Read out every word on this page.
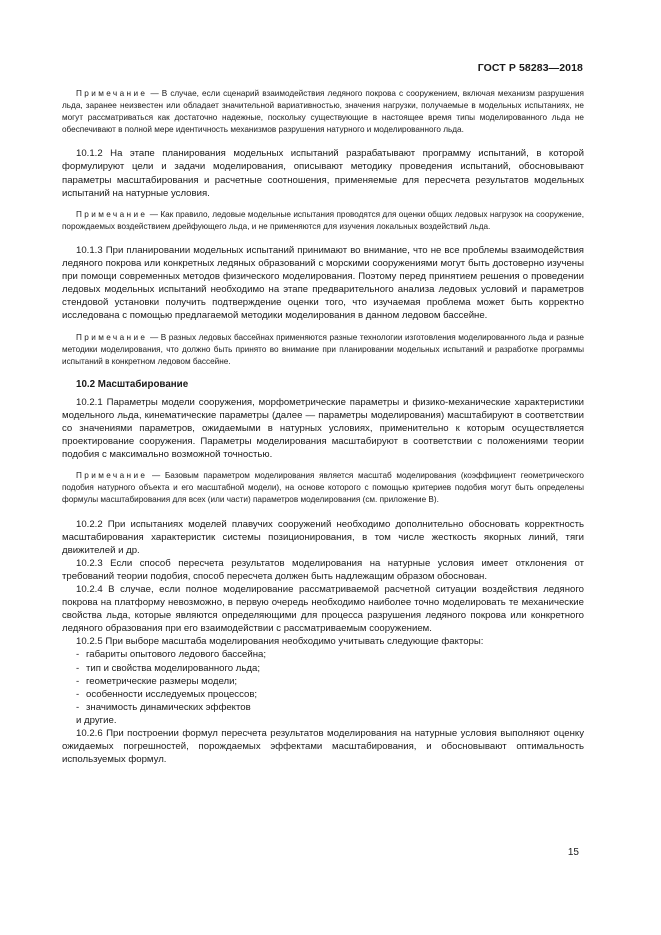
ГОСТ Р 58283—2018

Примечание — В случае, если сценарий взаимодействия ледяного покрова с сооружением, включая механизм разрушения льда, заранее неизвестен или обладает значительной вариативностью, значения нагрузки, получаемые в модельных испытаниях, не могут рассматриваться как достаточно надежные, поскольку существующие в настоящее время типы моделированного льда не обеспечивают в полной мере идентичность механизмов разрушения натурного и моделированного льда.

10.1.2 На этапе планирования модельных испытаний разрабатывают программу испытаний, в которой формулируют цели и задачи моделирования, описывают методику проведения испытаний, обосновывают параметры масштабирования и расчетные соотношения, применяемые для пересчета результатов модельных испытаний на натурные условия.

Примечание — Как правило, ледовые модельные испытания проводятся для оценки общих ледовых нагрузок на сооружение, порождаемых воздействием дрейфующего льда, и не применяются для изучения локальных воздействий льда.

10.1.3 При планировании модельных испытаний принимают во внимание, что не все проблемы взаимодействия ледяного покрова или конкретных ледяных образований с морскими сооружениями могут быть достоверно изучены при помощи современных методов физического моделирования. Поэтому перед принятием решения о проведении ледовых модельных испытаний необходимо на этапе предварительного анализа ледовых условий и параметров стендовой установки получить подтверждение оценки того, что изучаемая проблема может быть корректно исследована с помощью предлагаемой методики моделирования в данном ледовом бассейне.

Примечание — В разных ледовых бассейнах применяются разные технологии изготовления моделированного льда и разные методики моделирования, что должно быть принято во внимание при планировании модельных испытаний и разработке программы испытаний в конкретном ледовом бассейне.

10.2 Масштабирование

10.2.1 Параметры модели сооружения, морфометрические параметры и физико-механические характеристики модельного льда, кинематические параметры (далее — параметры моделирования) масштабируют в соответствии со значениями параметров, ожидаемыми в натурных условиях, применительно к которым осуществляется проектирование сооружения. Параметры моделирования масштабируют в соответствии с положениями теории подобия с максимально возможной точностью.

Примечание — Базовым параметром моделирования является масштаб моделирования (коэффициент геометрического подобия натурного объекта и его масштабной модели), на основе которого с помощью критериев подобия могут быть определены формулы масштабирования для всех (или части) параметров моделирования (см. приложение В).

10.2.2 При испытаниях моделей плавучих сооружений необходимо дополнительно обосновать корректность масштабирования характеристик системы позиционирования, в том числе жесткость якорных линий, тяги движителей и др.

10.2.3 Если способ пересчета результатов моделирования на натурные условия имеет отклонения от требований теории подобия, способ пересчета должен быть надлежащим образом обоснован.

10.2.4 В случае, если полное моделирование рассматриваемой расчетной ситуации воздействия ледяного покрова на платформу невозможно, в первую очередь необходимо наиболее точно моделировать те механические свойства льда, которые являются определяющими для процесса разрушения ледяного покрова или конкретного ледяного образования при его взаимодействии с рассматриваемым сооружением.

10.2.5 При выборе масштаба моделирования необходимо учитывать следующие факторы:

- габариты опытового ледового бассейна;
- тип и свойства моделированного льда;
- геометрические размеры модели;
- особенности исследуемых процессов;
- значимость динамических эффектов
и другие.

10.2.6 При построении формул пересчета результатов моделирования на натурные условия выполняют оценку ожидаемых погрешностей, порождаемых эффектами масштабирования, и обосновывают оптимальность используемых формул.

15
